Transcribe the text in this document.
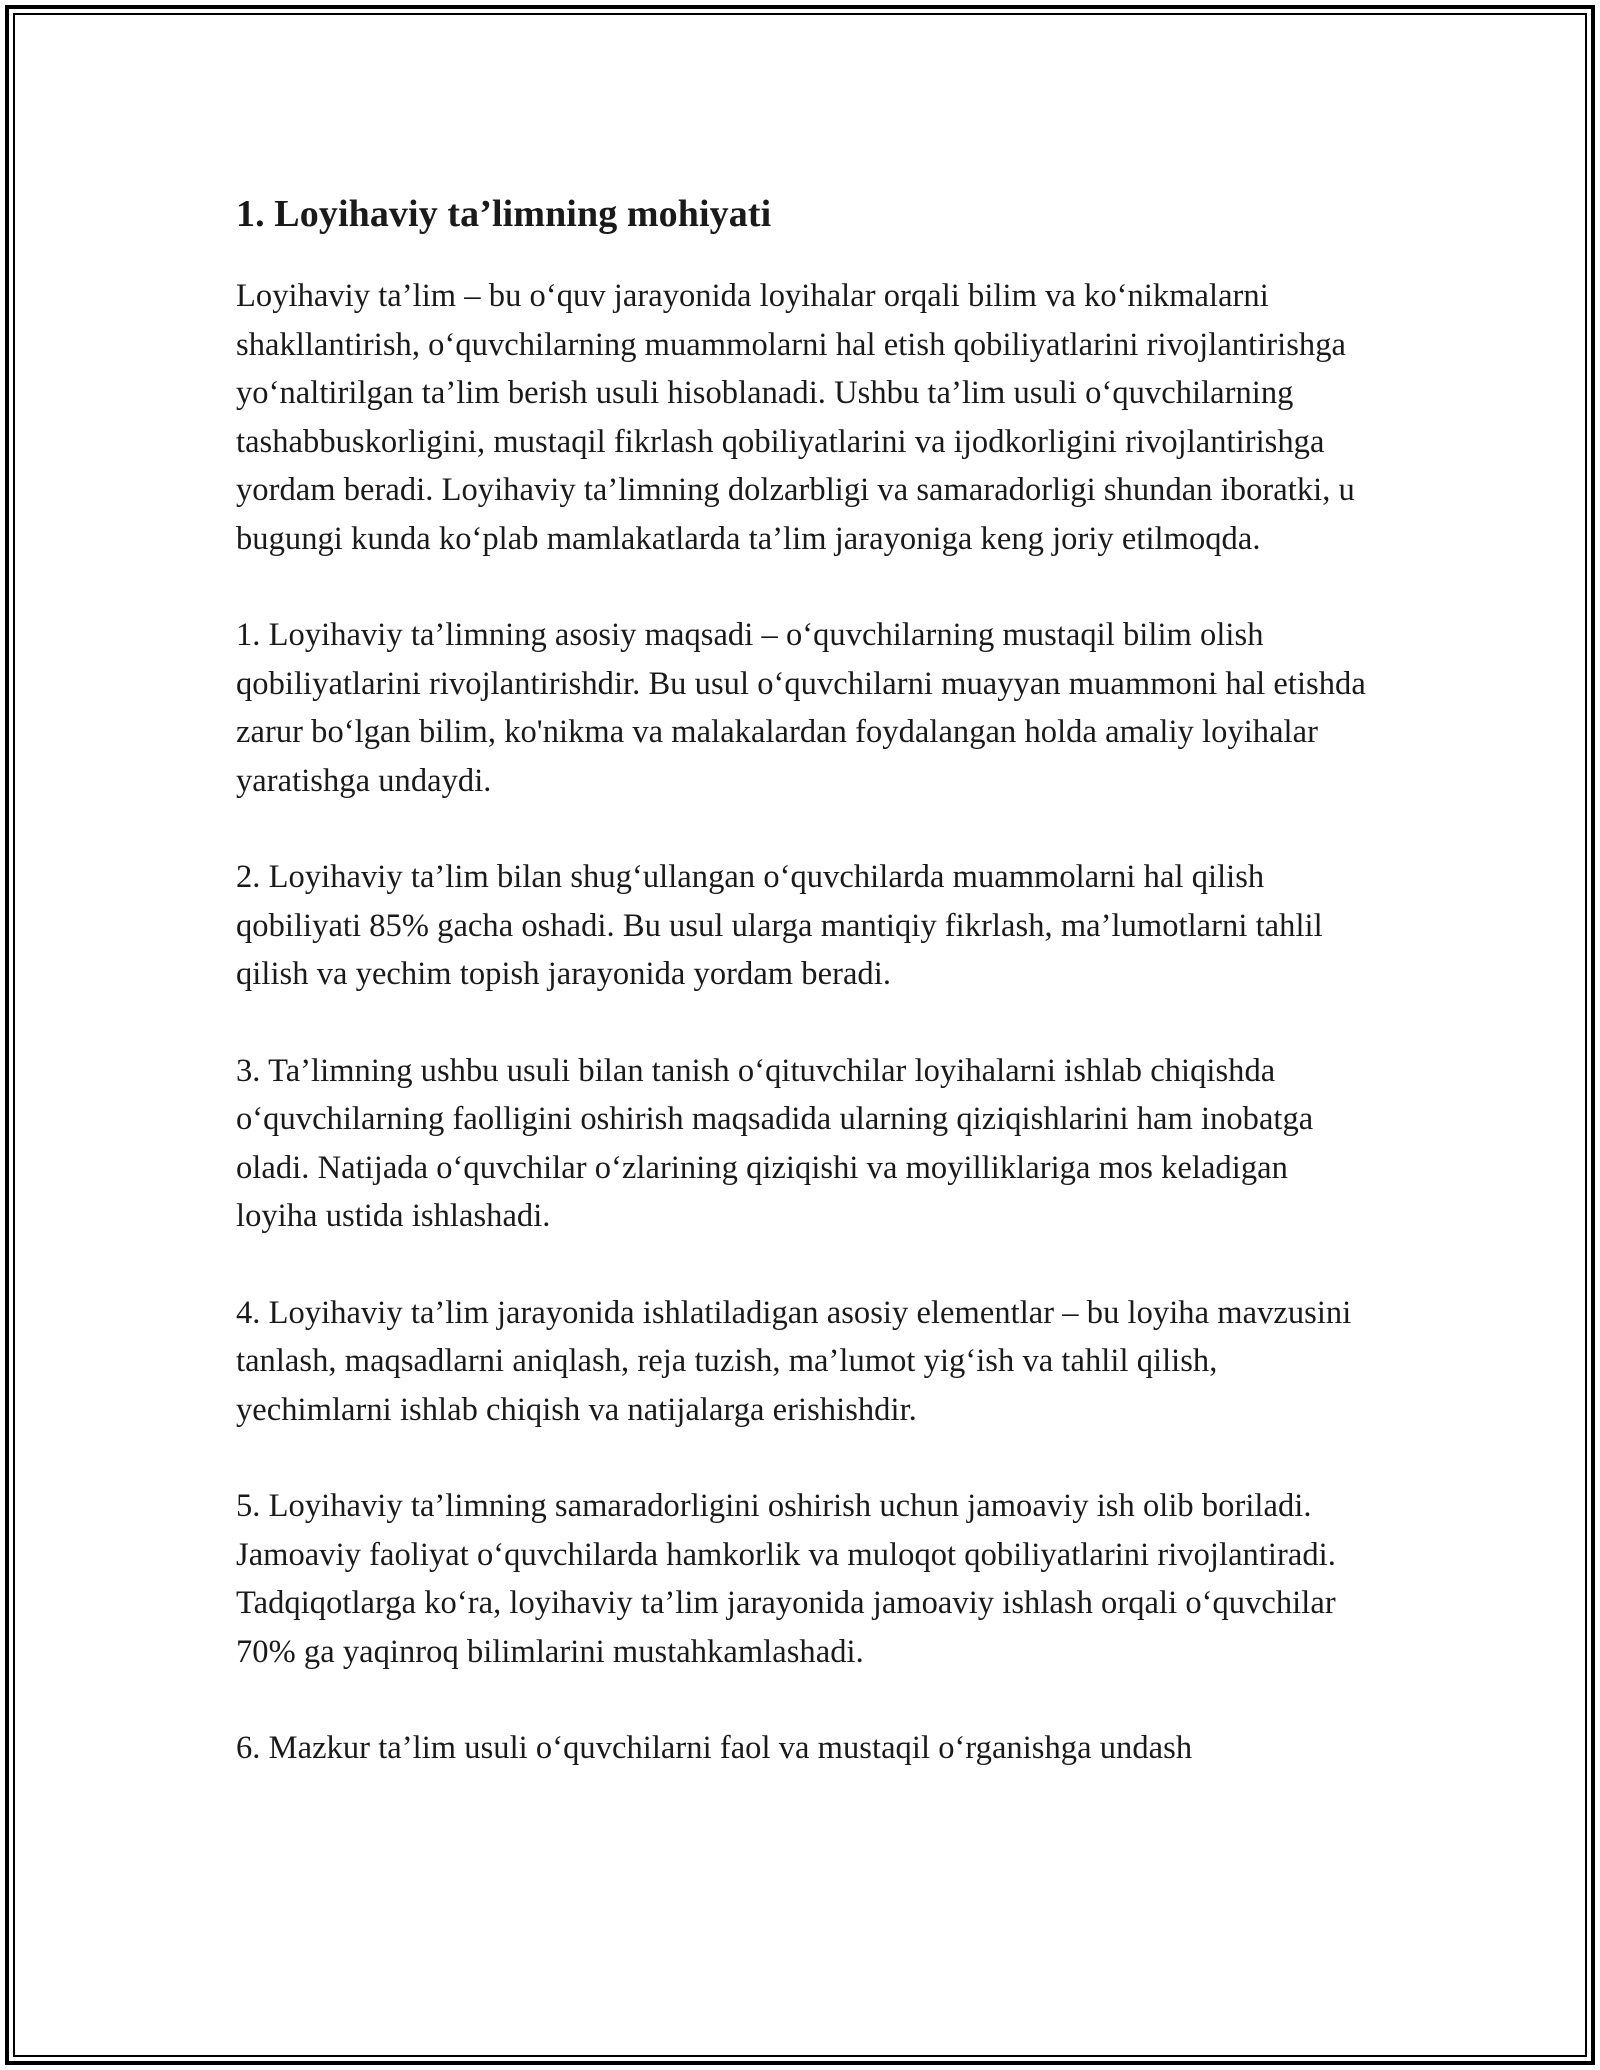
1. Loyihaviy ta’limning mohiyati

Loyihaviy ta’lim – bu o‘quv jarayonida loyihalar orqali bilim va ko‘nikmalarni shakllantirish, o‘quvchilarning muammolarni hal etish qobiliyatlarini rivojlantirishga yo‘naltirilgan ta’lim berish usuli hisoblanadi. Ushbu ta’lim usuli o‘quvchilarning tashabbuskorligini, mustaqil fikrlash qobiliyatlarini va ijodkorligini rivojlantirishga yordam beradi. Loyihaviy ta’limning dolzarbligi va samaradorligi shundan iboratki, u bugungi kunda ko‘plab mamlakatlarda ta’lim jarayoniga keng joriy etilmoqda.

1. Loyihaviy ta’limning asosiy maqsadi – o‘quvchilarning mustaqil bilim olish qobiliyatlarini rivojlantirishdir. Bu usul o‘quvchilarni muayyan muammoni hal etishda zarur bo‘lgan bilim, ko'nikma va malakalardan foydalangan holda amaliy loyihalar yaratishga undaydi.

2. Loyihaviy ta’lim bilan shug‘ullangan o‘quvchilarda muammolarni hal qilish qobiliyati 85% gacha oshadi. Bu usul ularga mantiqiy fikrlash, ma’lumotlarni tahlil qilish va yechim topish jarayonida yordam beradi.

3. Ta’limning ushbu usuli bilan tanish o‘qituvchilar loyihalarni ishlab chiqishda o‘quvchilarning faolligini oshirish maqsadida ularning qiziqishlarini ham inobatga oladi. Natijada o‘quvchilar o‘zlarining qiziqishi va moyilliklariga mos keladigan loyiha ustida ishlashadi.

4. Loyihaviy ta’lim jarayonida ishlatiladigan asosiy elementlar – bu loyiha mavzusini tanlash, maqsadlarni aniqlash, reja tuzish, ma’lumot yig‘ish va tahlil qilish, yechimlarni ishlab chiqish va natijalarga erishishdir.

5. Loyihaviy ta’limning samaradorligini oshirish uchun jamoaviy ish olib boriladi. Jamoaviy faoliyat o‘quvchilarda hamkorlik va muloqot qobiliyatlarini rivojlantiradi. Tadqiqotlarga ko‘ra, loyihaviy ta’lim jarayonida jamoaviy ishlash orqali o‘quvchilar 70% ga yaqinroq bilimlarini mustahkamlashadi.

6. Mazkur ta’lim usuli o‘quvchilarni faol va mustaqil o‘rganishga undash
